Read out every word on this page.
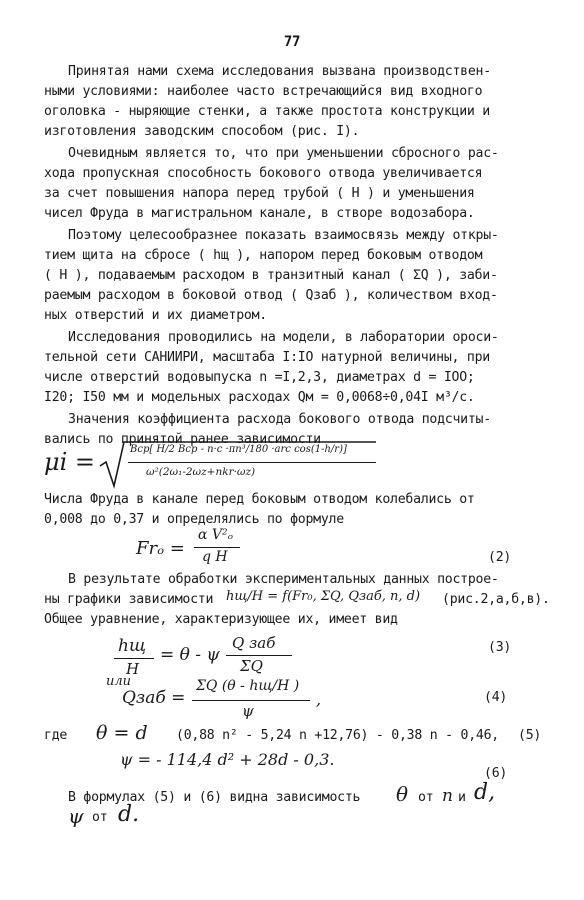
77
Принятая нами схема исследования вызвана производствен-
ными условиями: наиболее часто встречающийся вид входного
оголовка - ныряющие стенки, а также простота конструкции и
изготовления заводским способом (рис. I).
Очевидным является то, что при уменьшении сбросного рас-
хода пропускная способность бокового отвода увеличивается
за счет повышения напора перед трубой ( Н ) и уменьшения
чисел Фруда в магистральном канале, в створе водозабора.
Поэтому целесообразнее показать взаимосвязь между откры-
тием щита на сбросе ( hщ ), напором перед боковым отводом
( Н ), подаваемым расходом в транзитный канал ( ΣQ ), заби-
раемым расходом в боковой отвод ( Qзаб ), количеством вход-
ных отверстий и их диаметром.
Исследования проводились на модели, в лаборатории ороси-
тельной сети САНИИРИ, масштаба I:IO натурной величины, при
числе отверстий водовыпуска n =I,2,3, диаметрах d = IOO;
I20; I50 мм и модельных расходах Qм = 0,0068÷0,04I м³/с.
Значения коэффициента расхода бокового отвода подсчиты-
вались по принятой ранее зависимости
μi =	Bср[ H/2 Bср - n·c ·πn³/180 ·arc cos(1-h/r)]
ω²(2ω₁-2ωz+nkr·ωz)
Числа Фруда в канале перед боковым отводом колебались от
0,008 до 0,37 и определялись по формуле
Frₒ =
α V²ₒ
q H	(2)
В результате обработки экспериментальных данных построе-
ны графики зависимости hщ/H = f(Fr₀, ΣQ, Qзаб, n, d) (рис.2,а,б,в).
Общее уравнение, характеризующее их, имеет вид
hщ
H
= θ - ψ
Q заб
ΣQ
(3)
или
Qзаб =
ΣQ (θ - hщ/H )
ψ
,	(4)
где θ = d (0,88 n² - 5,24 n +12,76) - 0,38 n - 0,46, (5)
ψ = - 114,4 d² + 28d - 0,3.
(6)
В формулах (5) и (6) видна зависимость θ от n и d,
ψ от d.
